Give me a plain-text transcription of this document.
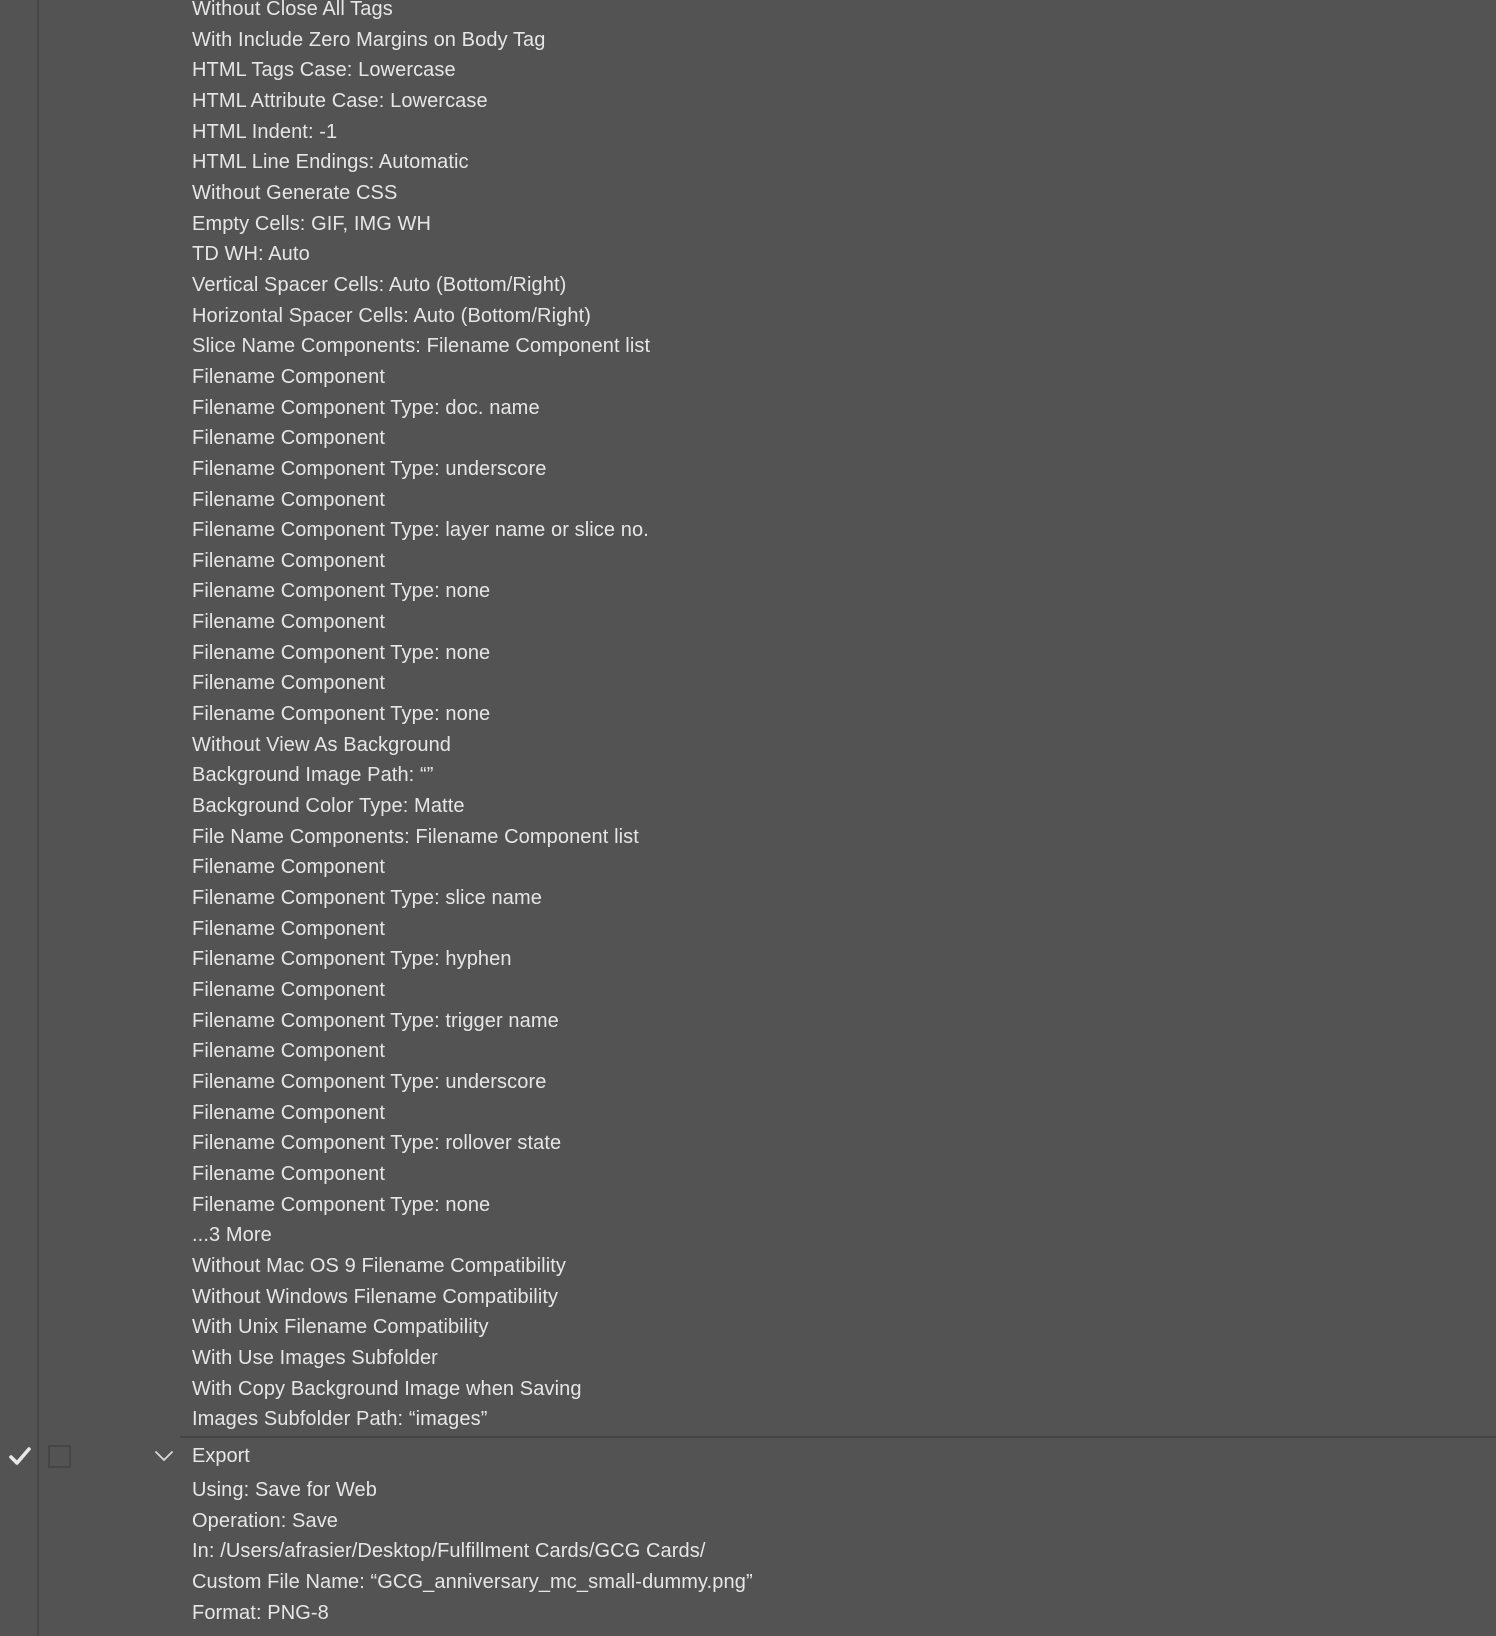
Without Close All Tags
With Include Zero Margins on Body Tag
HTML Tags Case: Lowercase
HTML Attribute Case: Lowercase
HTML Indent: -1
HTML Line Endings: Automatic
Without Generate CSS
Empty Cells: GIF, IMG WH
TD WH: Auto
Vertical Spacer Cells: Auto (Bottom/Right)
Horizontal Spacer Cells: Auto (Bottom/Right)
Slice Name Components: Filename Component list
Filename Component
Filename Component Type: doc. name
Filename Component
Filename Component Type: underscore
Filename Component
Filename Component Type: layer name or slice no.
Filename Component
Filename Component Type: none
Filename Component
Filename Component Type: none
Filename Component
Filename Component Type: none
Without View As Background
Background Image Path: “”
Background Color Type: Matte
File Name Components: Filename Component list
Filename Component
Filename Component Type: slice name
Filename Component
Filename Component Type: hyphen
Filename Component
Filename Component Type: trigger name
Filename Component
Filename Component Type: underscore
Filename Component
Filename Component Type: rollover state
Filename Component
Filename Component Type: none
...3 More
Without Mac OS 9 Filename Compatibility
Without Windows Filename Compatibility
With Unix Filename Compatibility
With Use Images Subfolder
With Copy Background Image when Saving
Images Subfolder Path: “images”
Export
Using: Save for Web
Operation: Save
In: /Users/afrasier/Desktop/Fulfillment Cards/GCG Cards/
Custom File Name: “GCG_anniversary_mc_small-dummy.png”
Format: PNG-8
